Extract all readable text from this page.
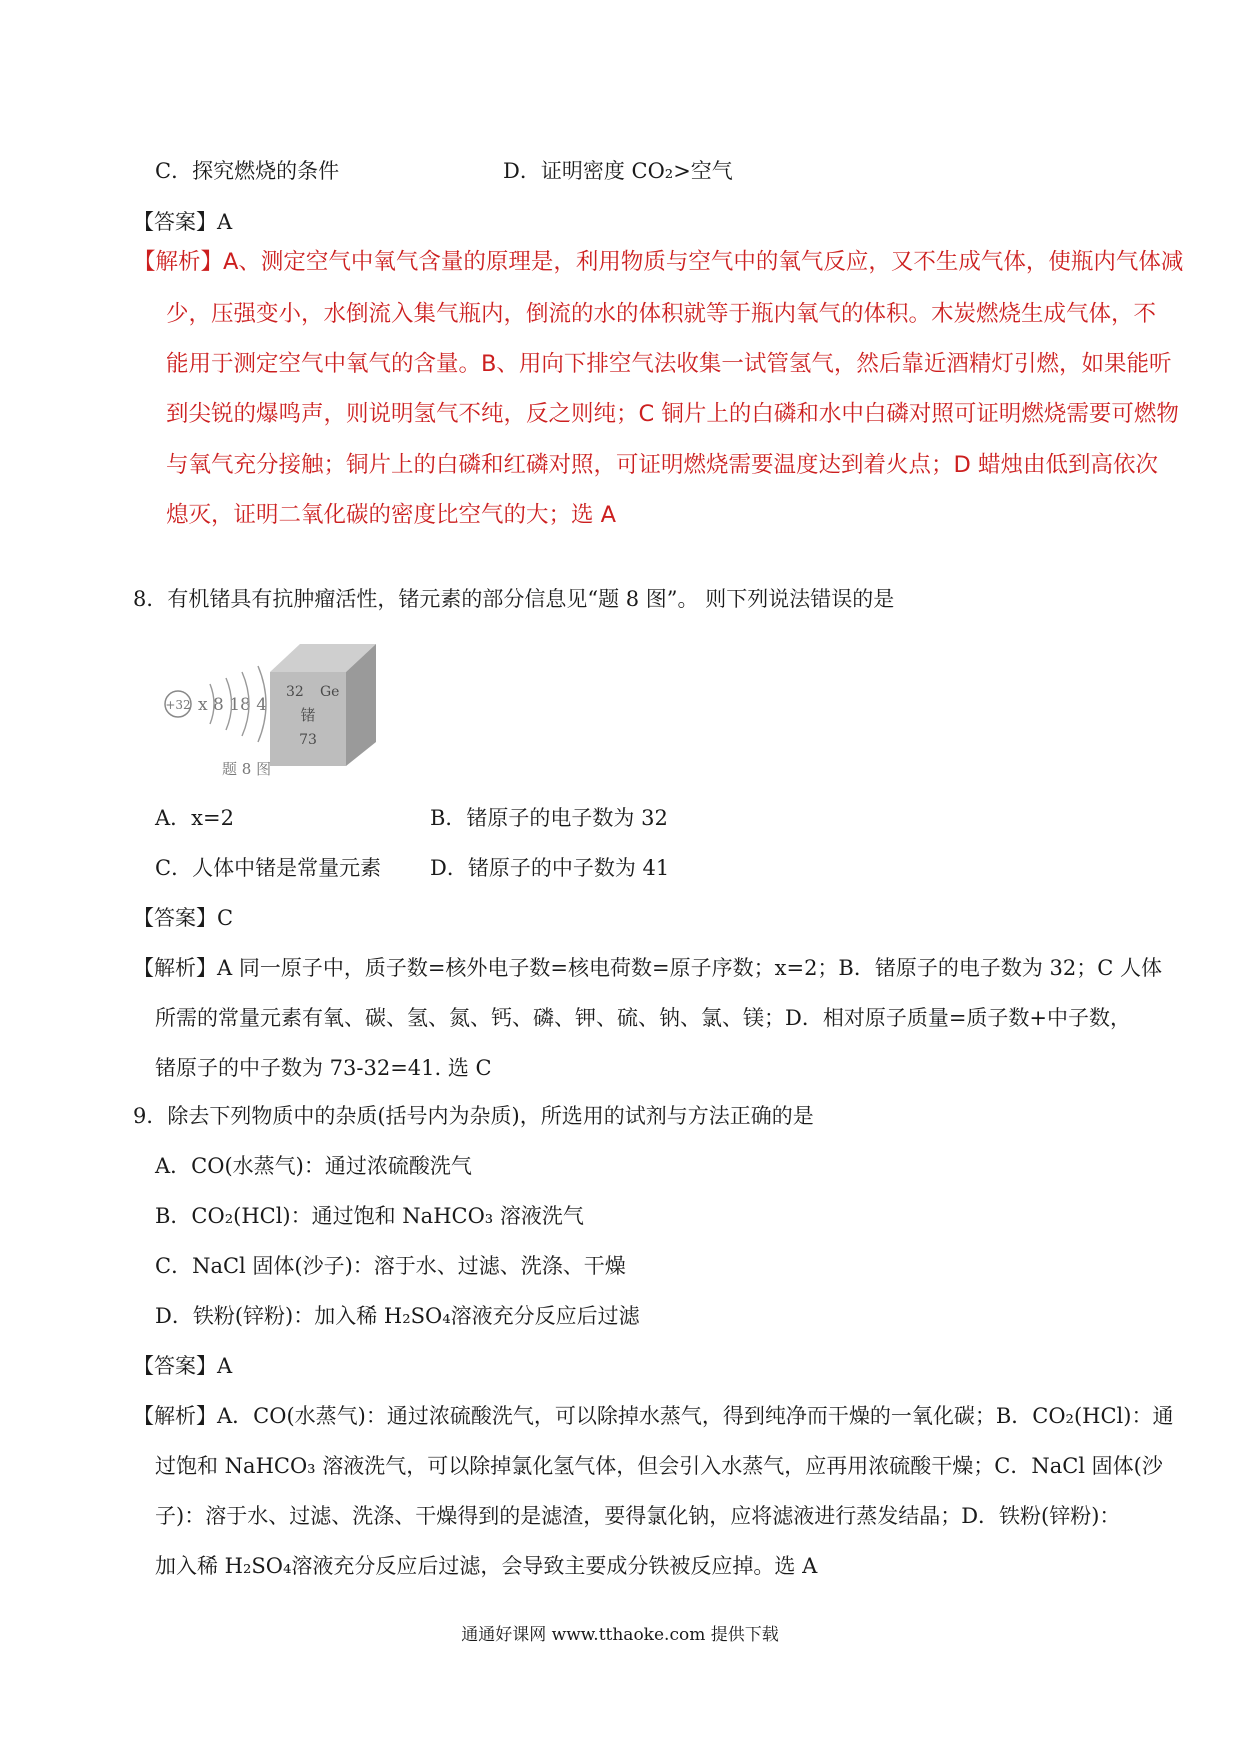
C．探究燃烧的条件	D．证明密度 CO₂>空气
【答案】A
【解析】A、测定空气中氧气含量的原理是，利用物质与空气中的氧气反应，又不生成气体，使瓶内气体减
少，压强变小，水倒流入集气瓶内，倒流的水的体积就等于瓶内氧气的体积。木炭燃烧生成气体，不
能用于测定空气中氧气的含量。B、用向下排空气法收集一试管氢气，然后靠近酒精灯引燃，如果能听
到尖锐的爆鸣声，则说明氢气不纯，反之则纯；C 铜片上的白磷和水中白磷对照可证明燃烧需要可燃物
与氧气充分接触；铜片上的白磷和红磷对照，可证明燃烧需要温度达到着火点；D 蜡烛由低到高依次
熄灭，证明二氧化碳的密度比空气的大；选 A
8．有机锗具有抗肿瘤活性，锗元素的部分信息见“题 8 图”。 则下列说法错误的是
+32 x 8 18 4
32 Ge
锗
73
题 8 图
A．x=2	B．锗原子的电子数为 32
C．人体中锗是常量元素 D．锗原子的中子数为 41
【答案】C
【解析】A 同一原子中，质子数=核外电子数=核电荷数=原子序数；x=2；B．锗原子的电子数为 32；C 人体
所需的常量元素有氧、碳、氢、氮、钙、磷、钾、硫、钠、氯、镁；D．相对原子质量=质子数+中子数，
锗原子的中子数为 73-32=41. 选 C
9．除去下列物质中的杂质(括号内为杂质)，所选用的试剂与方法正确的是
A．CO(水蒸气)：通过浓硫酸洗气
B．CO₂(HCl)：通过饱和 NaHCO₃ 溶液洗气
C．NaCl 固体(沙子)：溶于水、过滤、洗涤、干燥
D．铁粉(锌粉)：加入稀 H₂SO₄溶液充分反应后过滤
【答案】A
【解析】A．CO(水蒸气)：通过浓硫酸洗气，可以除掉水蒸气，得到纯净而干燥的一氧化碳；B．CO₂(HCl)：通
过饱和 NaHCO₃ 溶液洗气，可以除掉氯化氢气体，但会引入水蒸气，应再用浓硫酸干燥；C．NaCl 固体(沙
子)：溶于水、过滤、洗涤、干燥得到的是滤渣，要得氯化钠，应将滤液进行蒸发结晶；D．铁粉(锌粉)：
加入稀 H₂SO₄溶液充分反应后过滤，会导致主要成分铁被反应掉。选 A
通通好课网 www.tthaoke.com 提供下载
